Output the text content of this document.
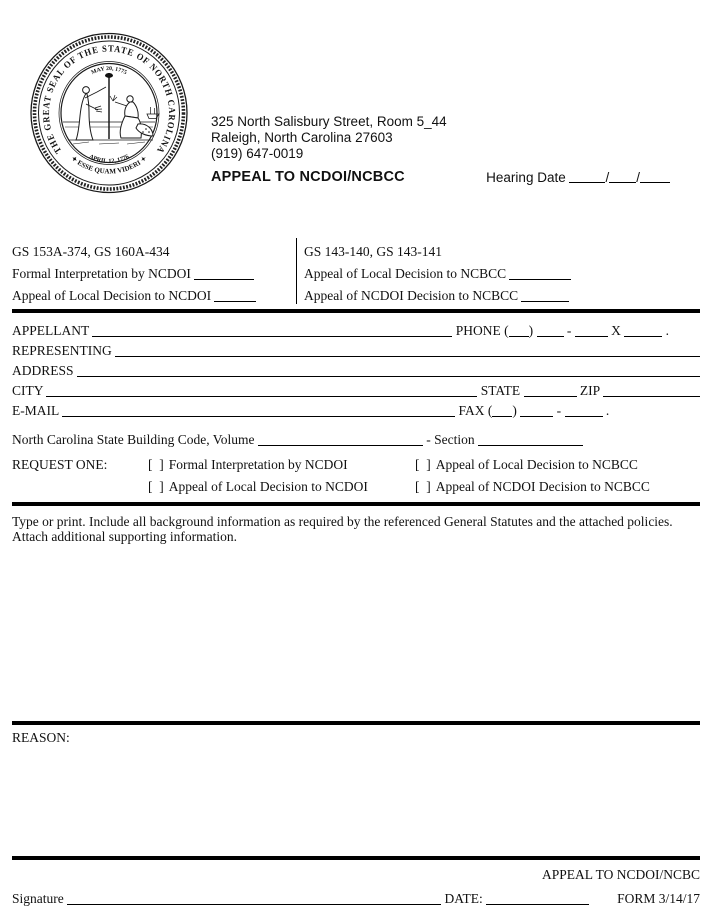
THE GREAT SEAL OF THE STATE OF NORTH CAROLINA
✦ ESSE QUAM VIDERI ✦
MAY 20, 1775
APRIL 12, 1776
325 North Salisbury Street, Room 5_44
Raleigh, North Carolina 27603
(919) 647-0019
APPEAL TO NCDOI/NCBCC	Hearing Date	/ /
GS 153A-374, GS 160A-434
Formal Interpretation by NCDOI
Appeal of Local Decision to NCDOI
GS 143-140, GS 143-141
Appeal of Local Decision to NCBCC
Appeal of NCDOI Decision to NCBCC
APPELLANT	PHONE ( ) - X	.
REPRESENTING
ADDRESS
CITY	STATE	ZIP
E-MAIL	FAX ( ) -	.
North Carolina State Building Code, Volume	- Section
REQUEST ONE:	[  ] Formal Interpretation by NCDOI	[  ] Appeal of Local Decision to NCBCC
[  ] Appeal of Local Decision to NCDOI	[  ] Appeal of NCDOI Decision to NCBCC

Type or print. Include all background information as required by the referenced General Statutes and the attached policies. Attach additional supporting information.

REASON:
APPEAL TO NCDOI/NCBC
Signature	DATE:	FORM 3/14/17
